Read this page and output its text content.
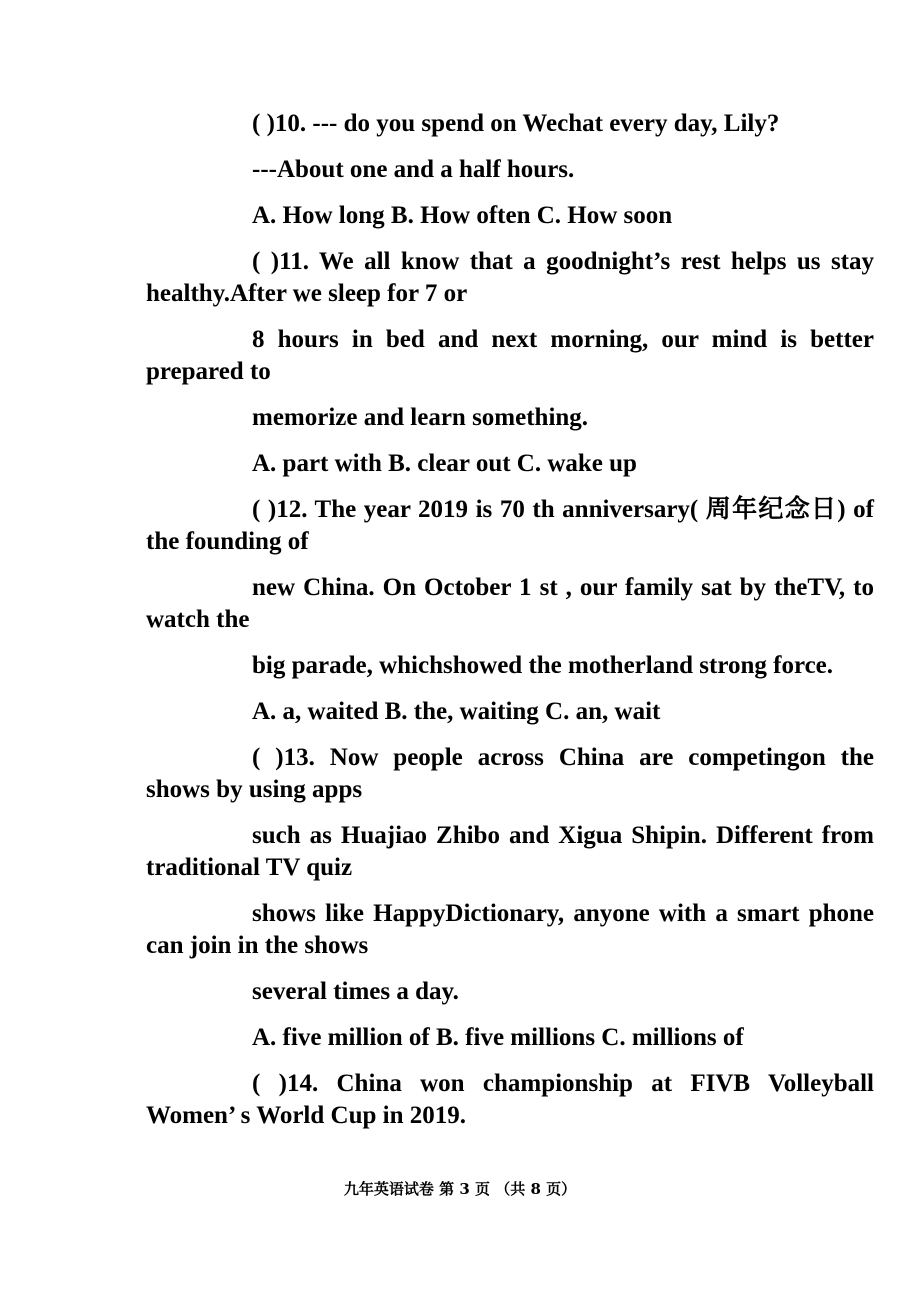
( )10. --- do you spend on Wechat every day, Lily?

---About one and a half hours.

A. How long B. How often C. How soon

( )11. We all know that a goodnight’s rest helps us stay healthy.After we sleep for 7 or

8 hours in bed and next morning, our mind is better prepared to

memorize and learn something.

A. part with B. clear out C. wake up

( )12. The year 2019 is 70 th anniversary( 周年纪念日) of the founding of

new China. On October 1 st , our family sat by theTV, to watch the

big parade, whichshowed the motherland strong force.

A. a, waited B. the, waiting C. an, wait

( )13. Now people across China are competingon the shows by using apps

such as Huajiao Zhibo and Xigua Shipin. Different from traditional TV quiz

shows like HappyDictionary, anyone with a smart phone can join in the shows

several times a day.

A. five million of B. five millions C. millions of

( )14. China won championship at FIVB Volleyball Women’ s World Cup in 2019.

九年英语试卷 第 3 页 （共 8 页）
